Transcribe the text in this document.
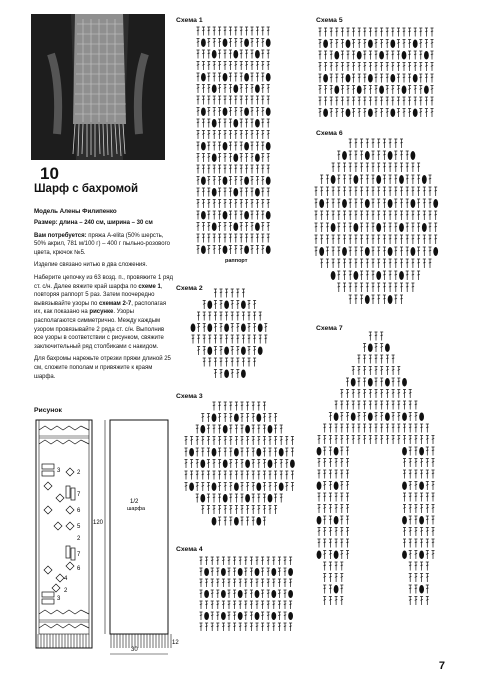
10
Шарф с бахромой
Модель Алены Филипенко

Размер: длина – 240 см, ширина – 30 см

Вам потребуется: пряжа A-elita (50% шерсть, 50% акрил, 781 м/100 г) – 400 г пыльно-розового цвета, крючок №5.

Изделие связано нитью в два сложения.

Наберите цепочку из 63 возд. п., провяжите 1 ряд ст. с/н. Далее вяжите край шарфа по схеме 1, повторяя раппорт 5 раз. Затем поочередно вывязывайте узоры по схемам 2-7, располагая их, как показано на рисунке. Узоры располагаются симметрично. Между каждым узором провязывайте 2 ряда ст. с/н. Выполнив все узоры в соответствии с рисунком, свяжите заключительный ряд столбиками с накидом.

Для бахромы нарежьте отрезки пряжи длиной 25 см, сложите пополам и привяжите к краям шарфа.

Рисунок
3	2
7
6
5
2
7
6
4
2
3
1/2
шарфа
120
12
30
Схема 1
раппорт
Схема 2
Схема 3
Схема 4
Схема 5
Схема 6
Схема 7
7
